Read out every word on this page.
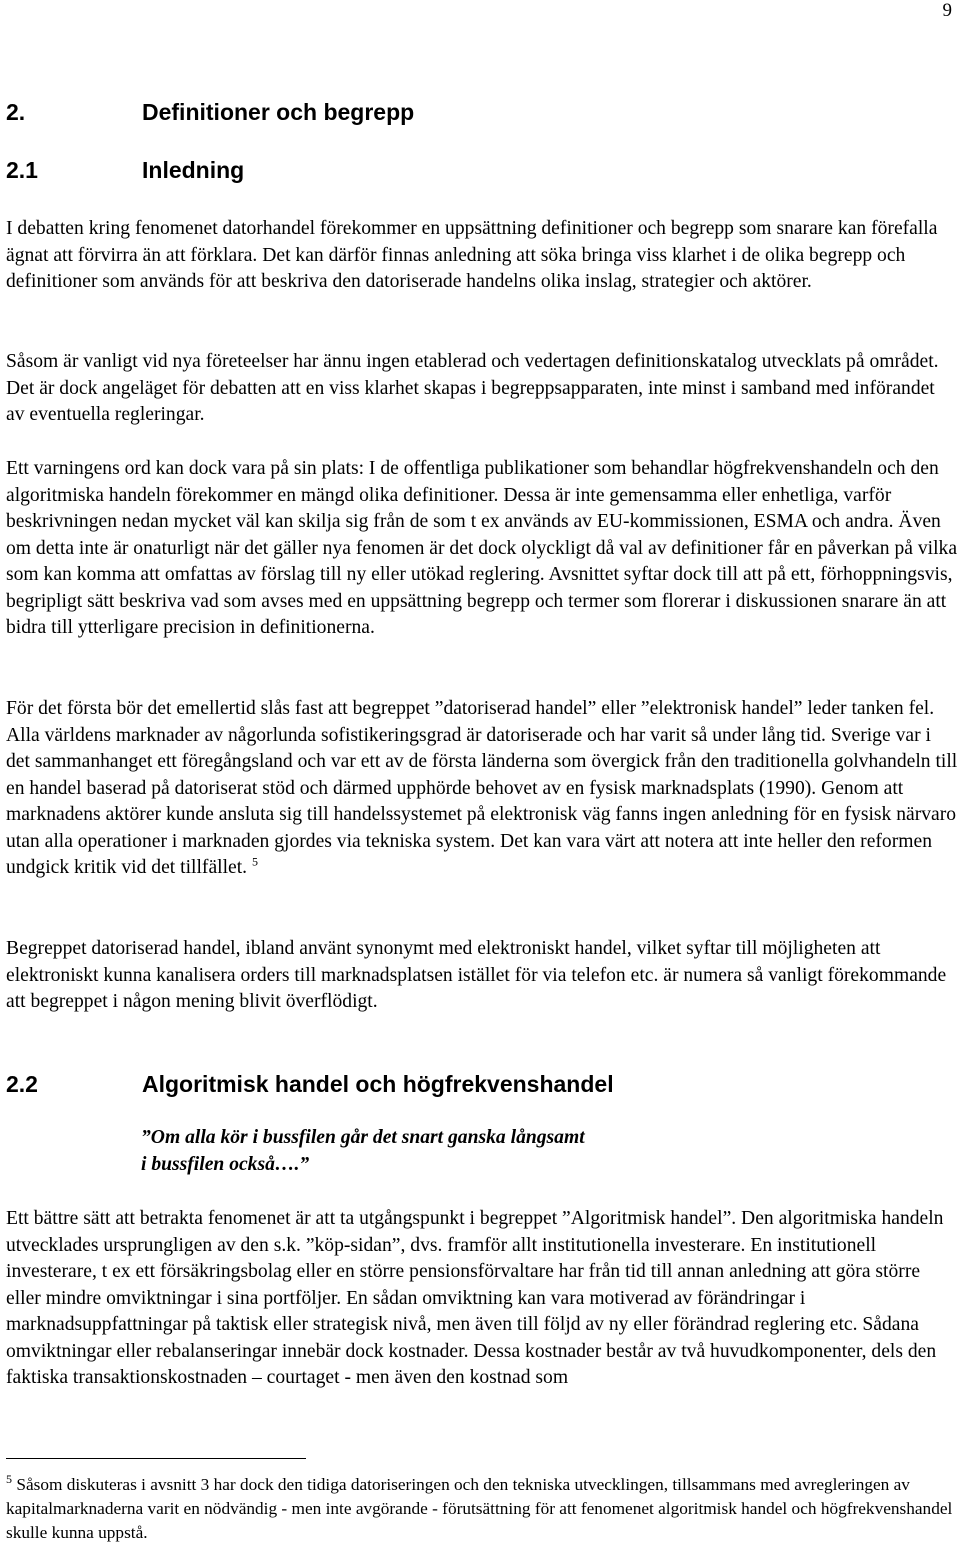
9
2.	Definitioner och begrepp
2.1	Inledning

I debatten kring fenomenet datorhandel förekommer en uppsättning definitioner och begrepp som snarare kan förefalla ägnat att förvirra än att förklara. Det kan därför finnas anledning att söka bringa viss klarhet i de olika begrepp och definitioner som används för att beskriva den datoriserade handelns olika inslag, strategier och aktörer.

Såsom är vanligt vid nya företeelser har ännu ingen etablerad och vedertagen definitionskatalog utvecklats på området. Det är dock angeläget för debatten att en viss klarhet skapas i begreppsapparaten, inte minst i samband med införandet av eventuella regleringar.

Ett varningens ord kan dock vara på sin plats: I de offentliga publikationer som behandlar högfrekvenshandeln och den algoritmiska handeln förekommer en mängd olika definitioner. Dessa är inte gemensamma eller enhetliga, varför beskrivningen nedan mycket väl kan skilja sig från de som t ex används av EU-kommissionen, ESMA och andra. Även om detta inte är onaturligt när det gäller nya fenomen är det dock olyckligt då val av definitioner får en påverkan på vilka som kan komma att omfattas av förslag till ny eller utökad reglering. Avsnittet syftar dock till att på ett, förhoppningsvis, begripligt sätt beskriva vad som avses med en uppsättning begrepp och termer som florerar i diskussionen snarare än att bidra till ytterligare precision in definitionerna.

För det första bör det emellertid slås fast att begreppet ”datoriserad handel” eller ”elektronisk handel” leder tanken fel. Alla världens marknader av någorlunda sofistikeringsgrad är datoriserade och har varit så under lång tid. Sverige var i det sammanhanget ett föregångsland och var ett av de första länderna som övergick från den traditionella golvhandeln till en handel baserad på datoriserat stöd och därmed upphörde behovet av en fysisk marknadsplats (1990). Genom att marknadens aktörer kunde ansluta sig till handelssystemet på elektronisk väg fanns ingen anledning för en fysisk närvaro utan alla operationer i marknaden gjordes via tekniska system. Det kan vara värt att notera att inte heller den reformen undgick kritik vid det tillfället. $^5$

Begreppet datoriserad handel, ibland använt synonymt med elektroniskt handel, vilket syftar till möjligheten att elektroniskt kunna kanalisera orders till marknadsplatsen istället för via telefon etc. är numera så vanligt förekommande att begreppet i någon mening blivit överflödigt.

2.2	Algoritmisk handel och högfrekvenshandel

”Om alla kör i bussfilen går det snart ganska långsamt
i bussfilen också….”

Ett bättre sätt att betrakta fenomenet är att ta utgångspunkt i begreppet ”Algoritmisk handel”. Den algoritmiska handeln utvecklades ursprungligen av den s.k. ”köp-sidan”, dvs. framför allt institutionella investerare. En institutionell investerare, t ex ett försäkringsbolag eller en större pensionsförvaltare har från tid till annan anledning att göra större eller mindre omviktningar i sina portföljer. En sådan omviktning kan vara motiverad av förändringar i marknadsuppfattningar på taktisk eller strategisk nivå, men även till följd av ny eller förändrad reglering etc. Sådana omviktningar eller rebalanseringar innebär dock kostnader. Dessa kostnader består av två huvudkomponenter, dels den faktiska transaktionskostnaden – courtaget - men även den kostnad som

$^5$ Såsom diskuteras i avsnitt 3 har dock den tidiga datoriseringen och den tekniska utvecklingen, tillsammans med avregleringen av kapitalmarknaderna varit en nödvändig - men inte avgörande - förutsättning för att fenomenet algoritmisk handel och högfrekvenshandel skulle kunna uppstå.
